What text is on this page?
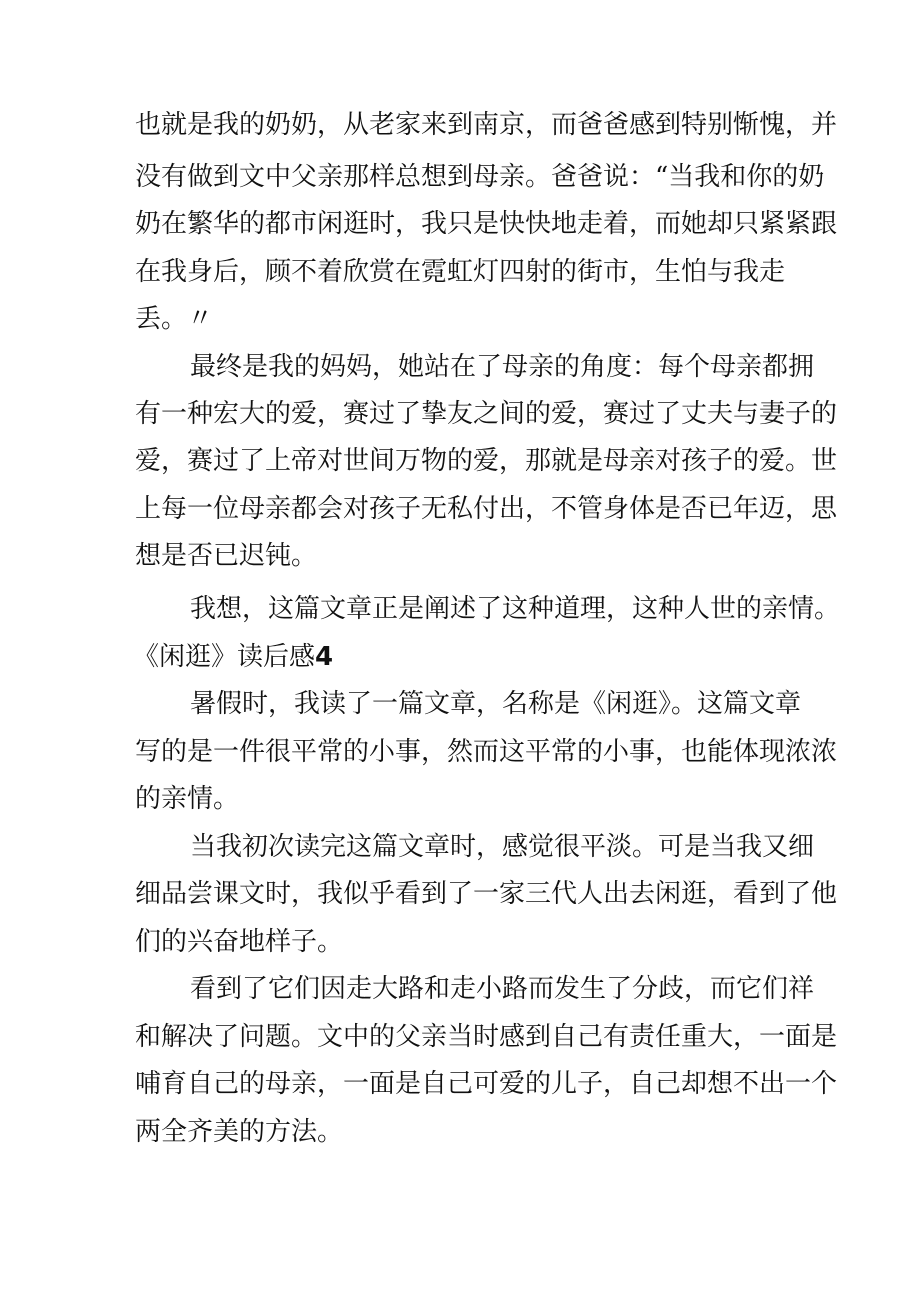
也就是我的奶奶，从老家来到南京，而爸爸感到特别惭愧，并

没有做到文中父亲那样总想到母亲。爸爸说：“当我和你的奶

奶在繁华的都市闲逛时，我只是快快地走着，而她却只紧紧跟

在我身后，顾不着欣赏在霓虹灯四射的街市，生怕与我走

丢。〃

最终是我的妈妈，她站在了母亲的角度：每个母亲都拥

有一种宏大的爱，赛过了挚友之间的爱，赛过了丈夫与妻子的

爱，赛过了上帝对世间万物的爱，那就是母亲对孩子的爱。世

上每一位母亲都会对孩子无私付出，不管身体是否已年迈，思

想是否已迟钝。

我想，这篇文章正是阐述了这种道理，这种人世的亲情。

《闲逛》读后感4

暑假时，我读了一篇文章，名称是《闲逛》。这篇文章

写的是一件很平常的小事，然而这平常的小事，也能体现浓浓

的亲情。

当我初次读完这篇文章时，感觉很平淡。可是当我又细

细品尝课文时，我似乎看到了一家三代人出去闲逛，看到了他

们的兴奋地样子。

看到了它们因走大路和走小路而发生了分歧，而它们祥

和解决了问题。文中的父亲当时感到自己有责任重大，一面是

哺育自己的母亲，一面是自己可爱的儿子，自己却想不出一个

两全齐美的方法。
